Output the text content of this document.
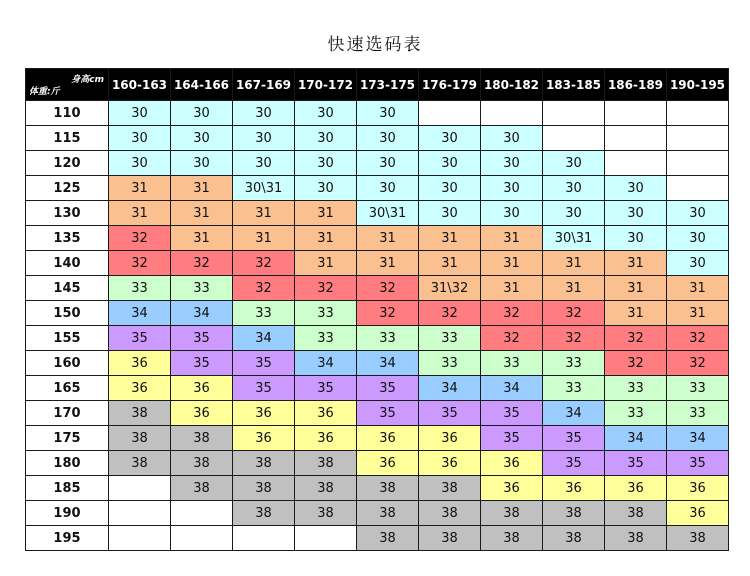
快速选码表
身高cm
体重:斤	160-163	164-166	167-169	170-172	173-175	176-179	180-182	183-185	186-189	190-195
110	30	30	30	30	30					
115	30	30	30	30	30	30	30			
120	30	30	30	30	30	30	30	30		
125	31	31	30\31	30	30	30	30	30	30	
130	31	31	31	31	30\31	30	30	30	30	30
135	32	31	31	31	31	31	31	30\31	30	30
140	32	32	32	31	31	31	31	31	31	30
145	33	33	32	32	32	31\32	31	31	31	31
150	34	34	33	33	32	32	32	32	31	31
155	35	35	34	33	33	33	32	32	32	32
160	36	35	35	34	34	33	33	33	32	32
165	36	36	35	35	35	34	34	33	33	33
170	38	36	36	36	35	35	35	34	33	33
175	38	38	36	36	36	36	35	35	34	34
180	38	38	38	38	36	36	36	35	35	35
185		38	38	38	38	38	36	36	36	36
190			38	38	38	38	38	38	38	36
195					38	38	38	38	38	38
